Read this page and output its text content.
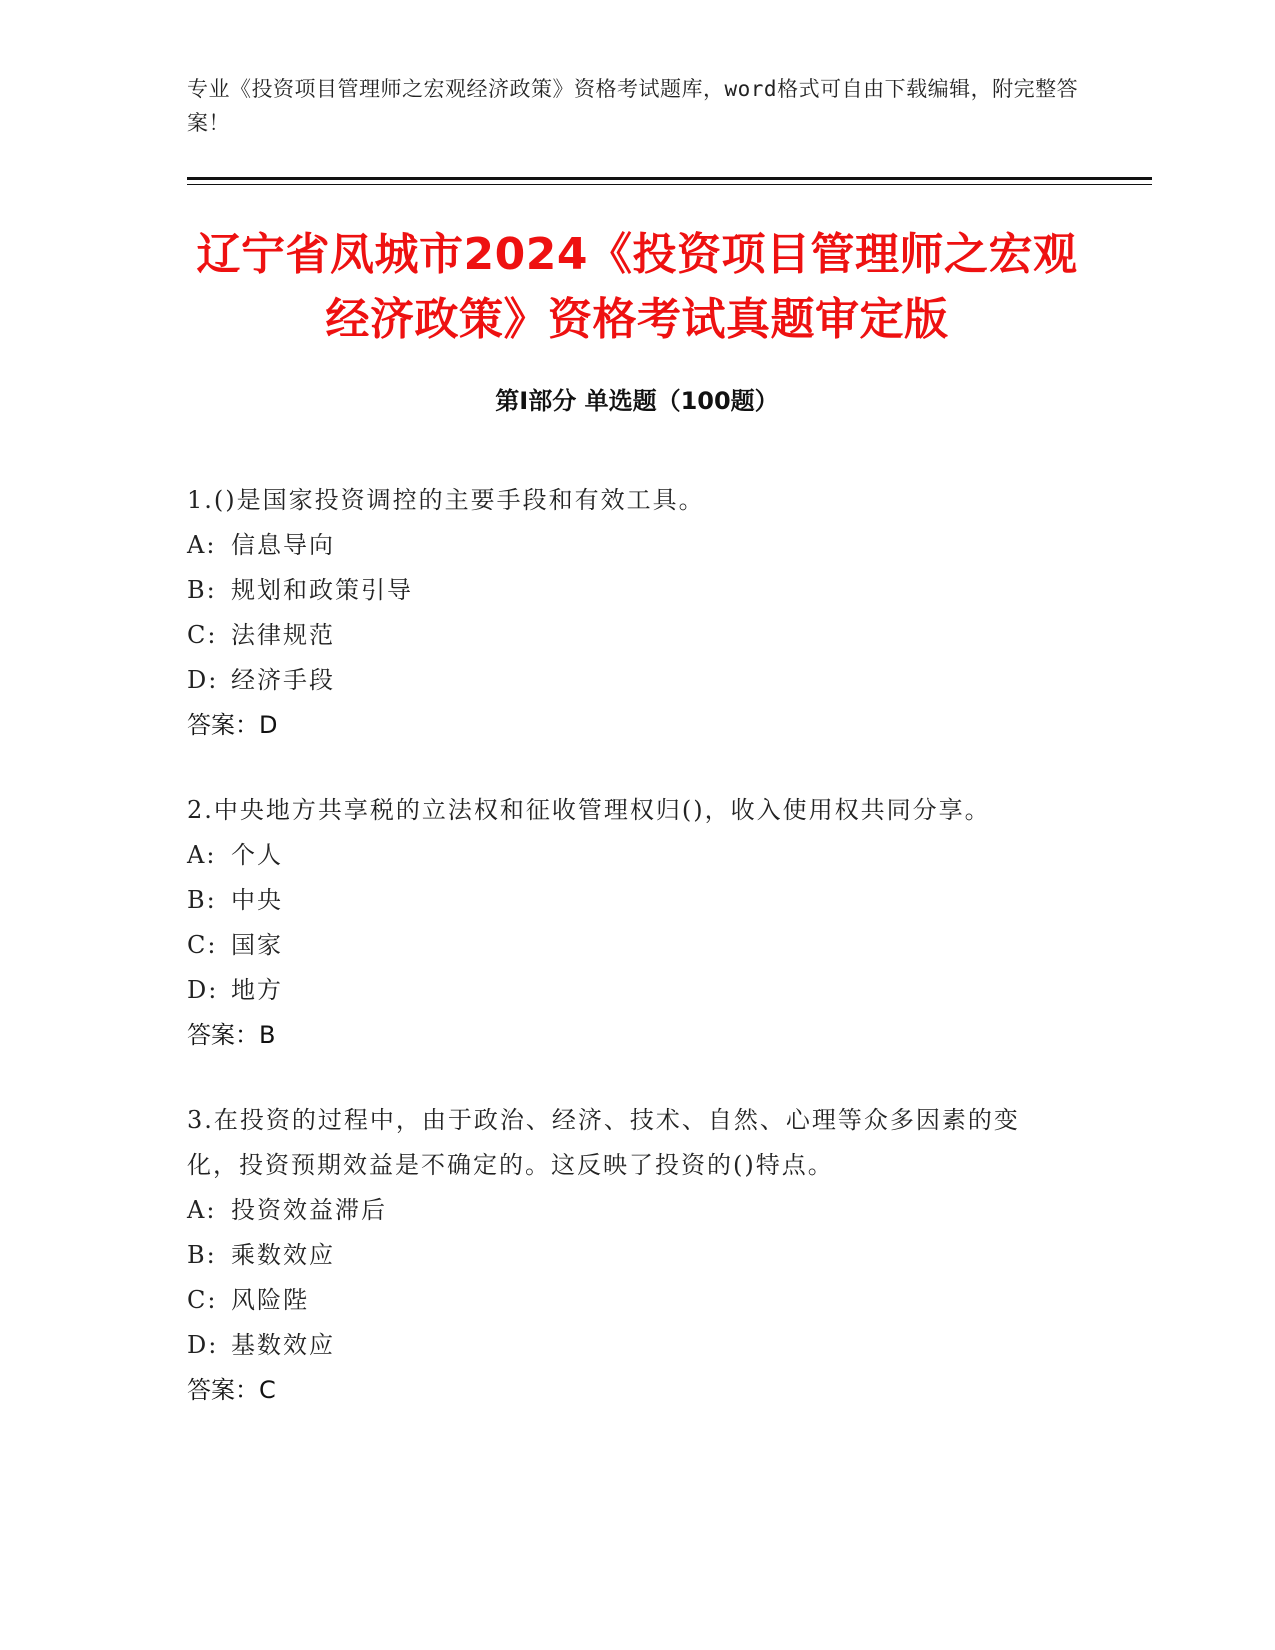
专业《投资项目管理师之宏观经济政策》资格考试题库，word格式可自由下载编辑，附完整答案！
辽宁省凤城市2024《投资项目管理师之宏观经济政策》资格考试真题审定版
第Ⅰ部分 单选题（100题）
1.()是国家投资调控的主要手段和有效工具。
A: 信息导向
B: 规划和政策引导
C: 法律规范
D: 经济手段
答案：D
2.中央地方共享税的立法权和征收管理权归()，收入使用权共同分享。
A: 个人
B: 中央
C: 国家
D: 地方
答案：B
3.在投资的过程中，由于政治、经济、技术、自然、心理等众多因素的变化，投资预期效益是不确定的。这反映了投资的()特点。
A: 投资效益滞后
B: 乘数效应
C: 风险陛
D: 基数效应
答案：C
